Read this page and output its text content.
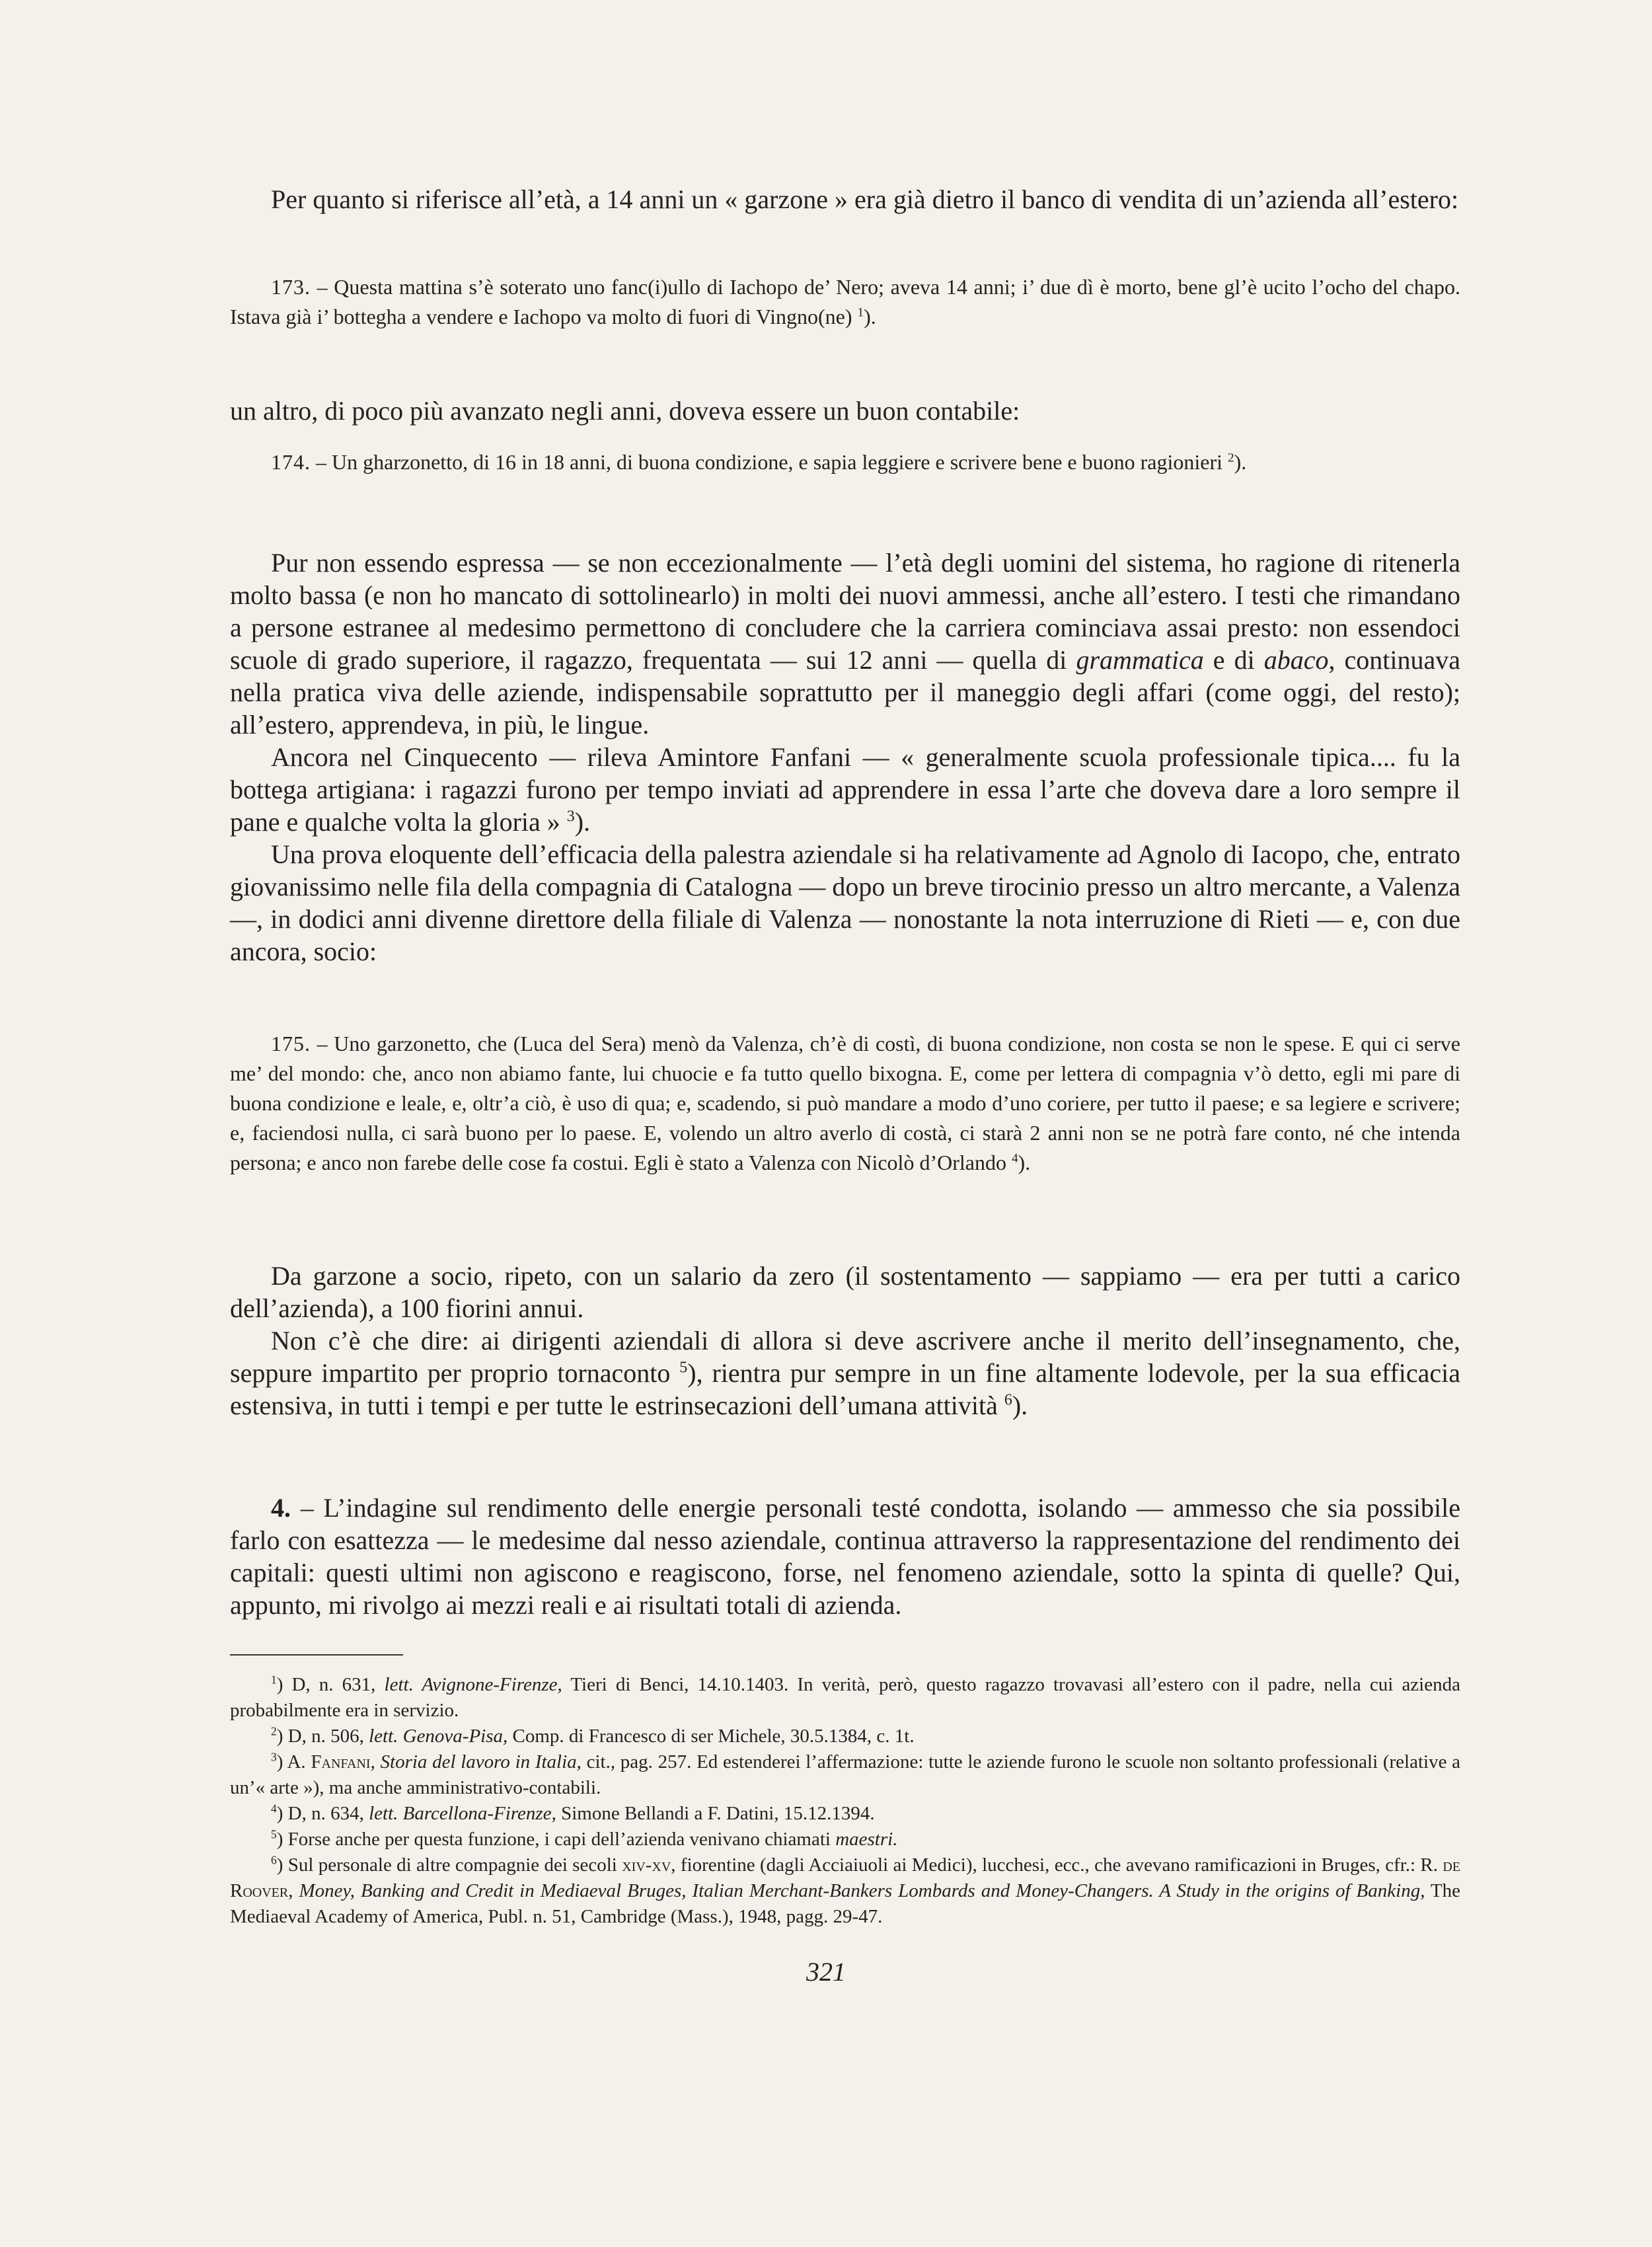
Per quanto si riferisce all’età, a 14 anni un « garzone » era già dietro il banco di vendita di un’azienda all’estero:

173. – Questa mattina s’è soterato uno fanc(i)ullo di Iachopo de’ Nero; aveva 14 anni; i’ due dì è morto, bene gl’è ucito l’ocho del chapo. Istava già i’ bottegha a vendere e Iachopo va molto di fuori di Vingno(ne) $^1$).

un altro, di poco più avanzato negli anni, doveva essere un buon contabile:

174. – Un gharzonetto, di 16 in 18 anni, di buona condizione, e sapia leggiere e scrivere bene e buono ragionieri $^2$).

Pur non essendo espressa — se non eccezionalmente — l’età degli uomini del sistema, ho ragione di ritenerla molto bassa (e non ho mancato di sottolinearlo) in molti dei nuovi ammessi, anche all’estero. I testi che rimandano a persone estranee al medesimo permettono di concludere che la carriera cominciava assai presto: non essendoci scuole di grado superiore, il ragazzo, frequentata — sui 12 anni — quella di grammatica e di abaco, continuava nella pratica viva delle aziende, indispensabile soprattutto per il maneggio degli affari (come oggi, del resto); all’estero, apprendeva, in più, le lingue.

Ancora nel Cinquecento — rileva Amintore Fanfani — « generalmente scuola professionale tipica.... fu la bottega artigiana: i ragazzi furono per tempo inviati ad apprendere in essa l’arte che doveva dare a loro sempre il pane e qualche volta la gloria » $^3$).

Una prova eloquente dell’efficacia della palestra aziendale si ha relativamente ad Agnolo di Iacopo, che, entrato giovanissimo nelle fila della compagnia di Catalogna — dopo un breve tirocinio presso un altro mercante, a Valenza —, in dodici anni divenne direttore della filiale di Valenza — nonostante la nota interruzione di Rieti — e, con due ancora, socio:

175. – Uno garzonetto, che (Luca del Sera) menò da Valenza, ch’è di costì, di buona condizione, non costa se non le spese. E qui ci serve me’ del mondo: che, anco non abiamo fante, lui chuocie e fa tutto quello bixogna. E, come per lettera di compagnia v’ò detto, egli mi pare di buona condizione e leale, e, oltr’a ciò, è uso di qua; e, scadendo, si può mandare a modo d’uno coriere, per tutto il paese; e sa legiere e scrivere; e, faciendosi nulla, ci sarà buono per lo paese. E, volendo un altro averlo di costà, ci starà 2 anni non se ne potrà fare conto, né che intenda persona; e anco non farebe delle cose fa costui. Egli è stato a Valenza con Nicolò d’Orlando $^4$).

Da garzone a socio, ripeto, con un salario da zero (il sostentamento — sappiamo — era per tutti a carico dell’azienda), a 100 fiorini annui.

Non c’è che dire: ai dirigenti aziendali di allora si deve ascrivere anche il merito dell’insegnamento, che, seppure impartito per proprio tornaconto $^5$), rientra pur sempre in un fine altamente lodevole, per la sua efficacia estensiva, in tutti i tempi e per tutte le estrinsecazioni dell’umana attività $^6$).

4. – L’indagine sul rendimento delle energie personali testé condotta, isolando — ammesso che sia possibile farlo con esattezza — le medesime dal nesso aziendale, continua attraverso la rappresentazione del rendimento dei capitali: questi ultimi non agiscono e reagiscono, forse, nel fenomeno aziendale, sotto la spinta di quelle? Qui, appunto, mi rivolgo ai mezzi reali e ai risultati totali di azienda.

$^1$) D, n. 631, lett. Avignone-Firenze, Tieri di Benci, 14.10.1403. In verità, però, questo ragazzo trovavasi all’estero con il padre, nella cui azienda probabilmente era in servizio.

$^2$) D, n. 506, lett. Genova-Pisa, Comp. di Francesco di ser Michele, 30.5.1384, c. 1t.

$^3$) A. Fanfani, Storia del lavoro in Italia, cit., pag. 257. Ed estenderei l’affermazione: tutte le aziende furono le scuole non soltanto professionali (relative a un’« arte »), ma anche amministrativo-contabili.

$^4$) D, n. 634, lett. Barcellona-Firenze, Simone Bellandi a F. Datini, 15.12.1394.

$^5$) Forse anche per questa funzione, i capi dell’azienda venivano chiamati maestri.

$^6$) Sul personale di altre compagnie dei secoli xiv-xv, fiorentine (dagli Acciaiuoli ai Medici), lucchesi, ecc., che avevano ramificazioni in Bruges, cfr.: R. de Roover, Money, Banking and Credit in Mediaeval Bruges, Italian Merchant-Bankers Lombards and Money-Changers. A Study in the origins of Banking, The Mediaeval Academy of America, Publ. n. 51, Cambridge (Mass.), 1948, pagg. 29-47.

321
